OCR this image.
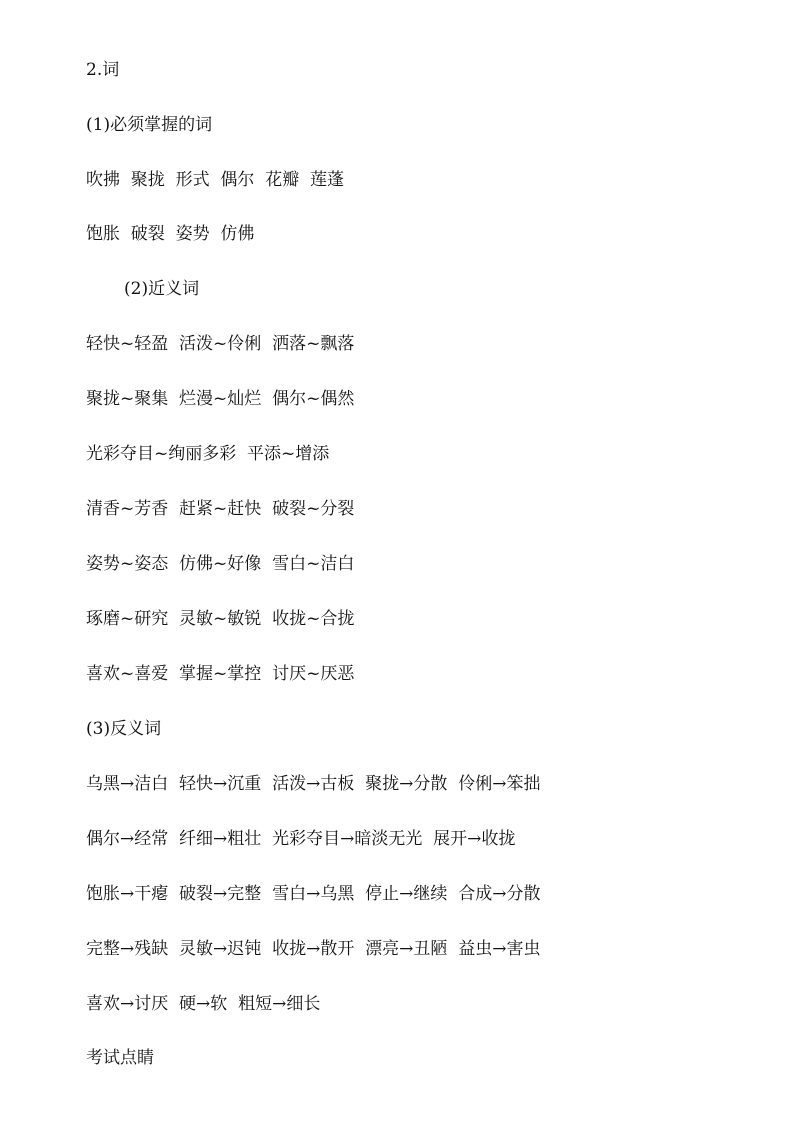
2.词
(1)必须掌握的词
吹拂  聚拢  形式  偶尔  花瓣  莲蓬
饱胀  破裂  姿势  仿佛
(2)近义词
轻快~轻盈  活泼~伶俐  洒落~飘落
聚拢~聚集  烂漫~灿烂  偶尔~偶然
光彩夺目~绚丽多彩  平添~增添
清香~芳香  赶紧~赶快  破裂~分裂
姿势~姿态  仿佛~好像  雪白~洁白
琢磨~研究  灵敏~敏锐  收拢~合拢
喜欢~喜爱  掌握~掌控  讨厌~厌恶
(3)反义词
乌黑→洁白  轻快→沉重  活泼→古板  聚拢→分散  伶俐→笨拙
偶尔→经常  纤细→粗壮  光彩夺目→暗淡无光  展开→收拢
饱胀→干瘪  破裂→完整  雪白→乌黑  停止→继续  合成→分散
完整→残缺  灵敏→迟钝  收拢→散开  漂亮→丑陋  益虫→害虫
喜欢→讨厌  硬→软  粗短→细长
考试点睛
